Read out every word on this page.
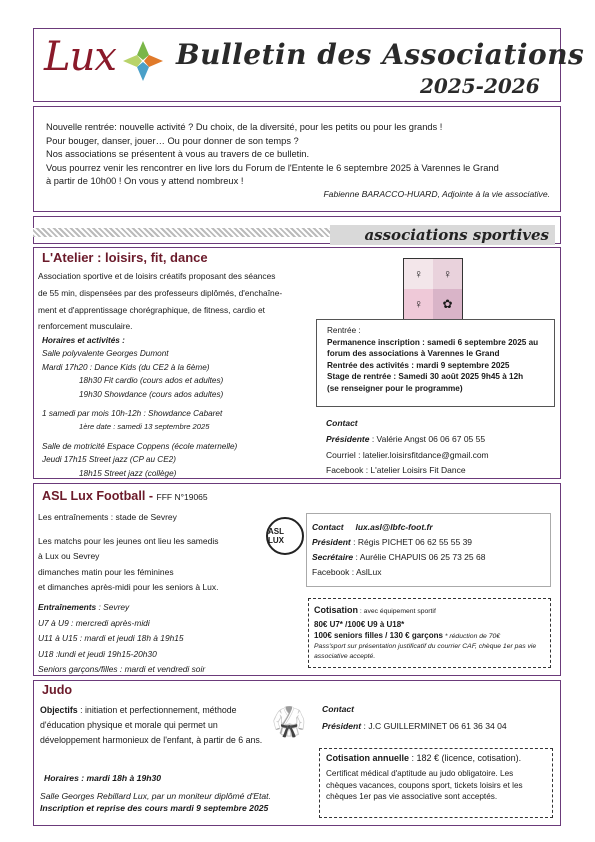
Lux Bulletin des Associations
2025-2026
Nouvelle rentrée: nouvelle activité ? Du choix, de la diversité, pour les petits ou pour les grands !
Pour bouger, danser, jouer… Ou pour donner de son temps ?
Nos associations se présentent à vous au travers de ce bulletin.
Vous pourrez venir les rencontrer en live lors du Forum de l'Entente le 6 septembre 2025 à Varennes le Grand
à partir de 10h00 ! On vous y attend nombreux !
Fabienne BARACCO-HUARD, Adjointe à la vie associative.
associations sportives
L'Atelier : loisirs, fit, dance
Association sportive et de loisirs créatifs proposant des séances
de 55 min, dispensées par des professeurs diplômés, d'enchaîne-
ment et d'apprentissage chorégraphique, de fitness, cardio et
renforcement musculaire.
♀	♀
♀	✿
Rentrée :
Permanence inscription : samedi 6 septembre 2025 au
forum des associations à Varennes le Grand
Rentrée des activités : mardi 9 septembre 2025
Stage de rentrée : Samedi 30 août 2025 9h45 à 12h
(se renseigner pour le programme)
Horaires et activités :
Salle polyvalente Georges Dumont
Mardi 17h20 : Dance Kids (du CE2 à la 6ème)
18h30 Fit cardio (cours ados et adultes)
19h30 Showdance (cours ados adultes)
1 samedi par mois 10h-12h : Showdance Cabaret
1ère date : samedi 13 septembre 2025
Salle de motricité Espace Coppens (école maternelle)
Jeudi 17h15 Street jazz (CP au CE2)
18h15 Street jazz (collège)
Contact
Présidente : Valérie Angst 06 06 67 05 55
Courriel : latelier.loisirsfitdance@gmail.com
Facebook : L'atelier Loisirs Fit Dance
ASL Lux Football - FFF N°19065
Les entraînements : stade de Sevrey
Les matchs pour les jeunes ont lieu les samedis
à Lux ou Sevrey
dimanches matin pour les féminines
et dimanches après-midi pour les seniors à Lux.
ASL LUX
Contact lux.asl@lbfc-foot.fr
Président : Régis PICHET 06 62 55 55 39
Secrétaire : Aurélie CHAPUIS 06 25 73 25 68
Facebook : AslLux
Entraînements : Sevrey
U7 à U9 : mercredi après-midi
U11 à U15 : mardi et jeudi 18h à 19h15
U18 :lundi et jeudi 19h15-20h30
Seniors garçons/filles : mardi et vendredi soir
Cotisation : avec équipement sportif
80€ U7* /100€ U9 à U18*
100€ seniors filles / 130 € garçons * réduction de 70€
Pass'sport sur présentation justificatif du courrier CAF, chèque 1er pas vie associative accepté.
Judo
Objectifs : initiation et perfectionnement, méthode d'éducation physique et morale qui permet un développement harmonieux de l'enfant, à partir de 6 ans.
🥋	Contact
Président : J.C GUILLERMINET 06 61 36 34 04
Horaires : mardi 18h à 19h30
Salle Georges Rebillard Lux, par un moniteur diplômé d'Etat.
Inscription et reprise des cours mardi 9 septembre 2025
Cotisation annuelle : 182 € (licence, cotisation).
Certificat médical d'aptitude au judo obligatoire. Les chèques vacances, coupons sport, tickets loisirs et les chèques 1er pas vie associative sont acceptés.
